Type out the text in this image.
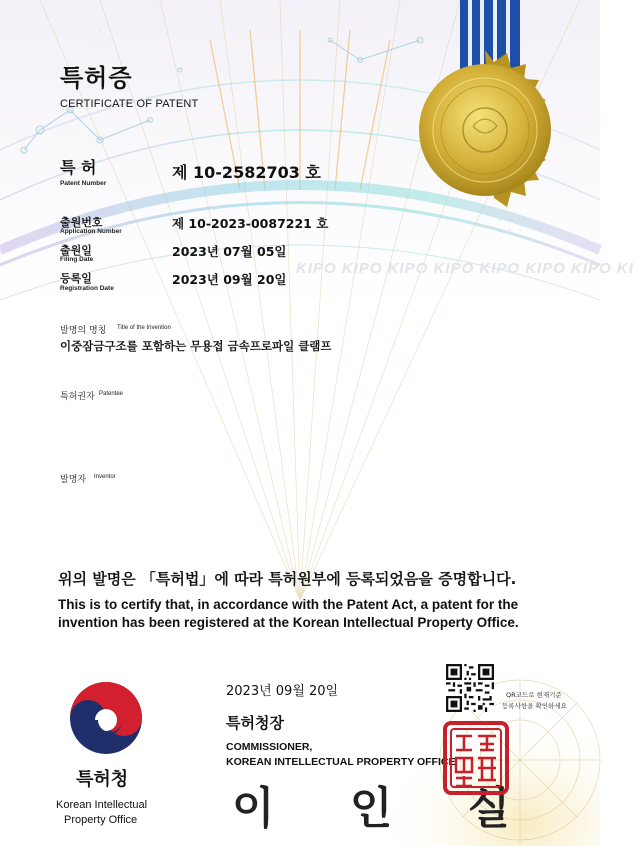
특허증
CERTIFICATE OF PATENT
특 허
Patent Number
제 10-2582703 호
출원번호
Application Number
제 10-2023-0087221 호
출원일
Filing Date
2023년 07월 05일
등록일
Registration Date
2023년 09월 20일
KIPO KIPO KIPO KIPO KIPO KIPO KIPO KI
발명의 명칭 Title of the Invention
이중잠금구조를 포함하는 무용접 금속프로파일 클램프
특허권자 Patentee
발명자 Inventor
위의 발명은 「특허법」에 따라 특허원부에 등록되었음을 증명합니다.
This is to certify that, in accordance with the Patent Act, a patent for the
invention has been registered at the Korean Intellectual Property Office.
2023년 09월 20일	QR코드로 현재기준
등록사항을 확인하세요
특허청장
COMMISSIONER,
KOREAN INTELLECTUAL PROPERTY OFFICE
이 인 실
특허청
Korean Intellectual
Property Office
